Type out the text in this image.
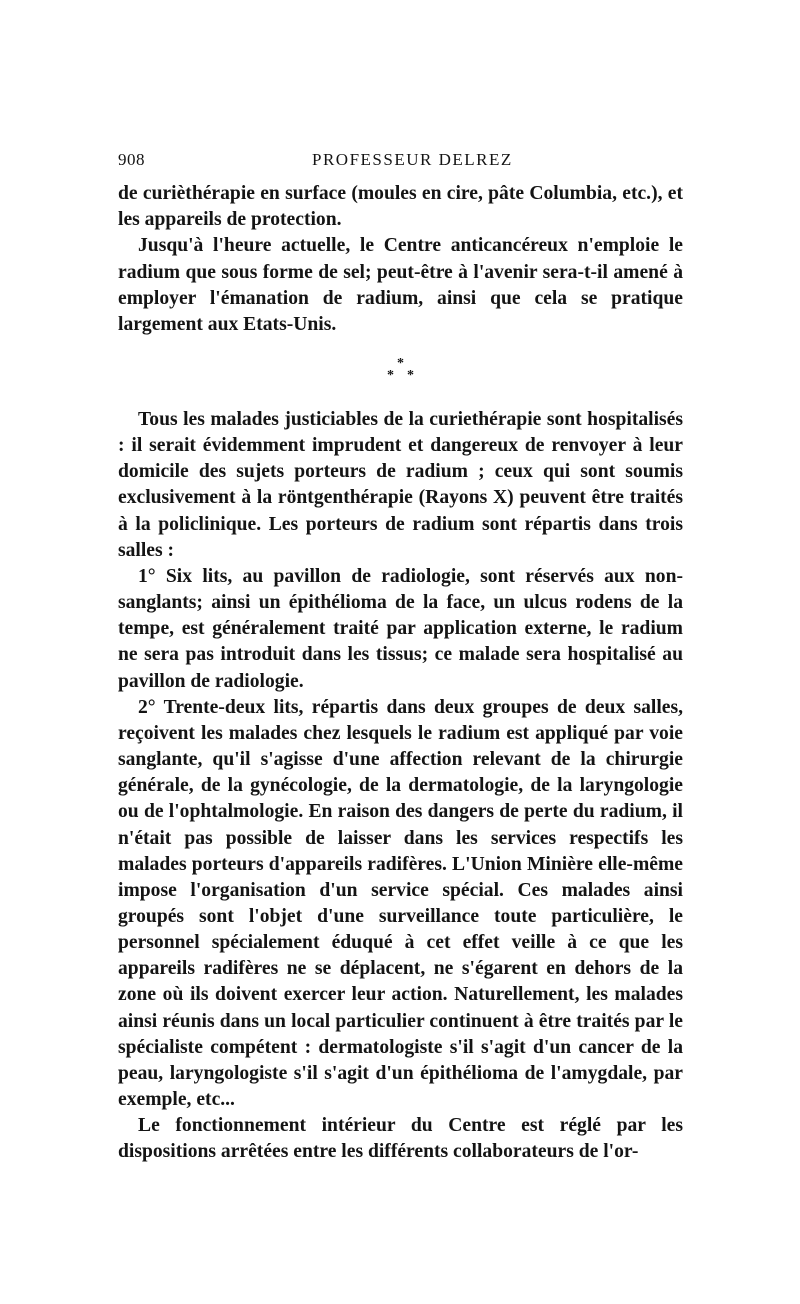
908	PROFESSEUR DELREZ

de curièthérapie en surface (moules en cire, pâte Columbia, etc.), et les appareils de protection.

Jusqu'à l'heure actuelle, le Centre anticancéreux n'emploie le radium que sous forme de sel; peut-être à l'avenir sera-t-il amené à employer l'émanation de radium, ainsi que cela se pratique largement aux Etats-Unis.

*
* *

Tous les malades justiciables de la curiethérapie sont hospitalisés : il serait évidemment imprudent et dangereux de renvoyer à leur domicile des sujets porteurs de radium ; ceux qui sont soumis exclusivement à la röntgenthérapie (Rayons X) peuvent être traités à la policlinique. Les porteurs de radium sont répartis dans trois salles :

1° Six lits, au pavillon de radiologie, sont réservés aux non-sanglants; ainsi un épithélioma de la face, un ulcus rodens de la tempe, est généralement traité par application externe, le radium ne sera pas introduit dans les tissus; ce malade sera hospitalisé au pavillon de radiologie.

2° Trente-deux lits, répartis dans deux groupes de deux salles, reçoivent les malades chez lesquels le radium est appliqué par voie sanglante, qu'il s'agisse d'une affection relevant de la chirurgie générale, de la gynécologie, de la dermatologie, de la laryngologie ou de l'ophtalmologie. En raison des dangers de perte du radium, il n'était pas possible de laisser dans les services respectifs les malades porteurs d'appareils radifères. L'Union Minière elle-même impose l'organisation d'un service spécial. Ces malades ainsi groupés sont l'objet d'une surveillance toute particulière, le personnel spécialement éduqué à cet effet veille à ce que les appareils radifères ne se déplacent, ne s'égarent en dehors de la zone où ils doivent exercer leur action. Naturellement, les malades ainsi réunis dans un local particulier continuent à être traités par le spécialiste compétent : dermatologiste s'il s'agit d'un cancer de la peau, laryngologiste s'il s'agit d'un épithélioma de l'amygdale, par exemple, etc...

Le fonctionnement intérieur du Centre est réglé par les dispositions arrêtées entre les différents collaborateurs de l'or-
